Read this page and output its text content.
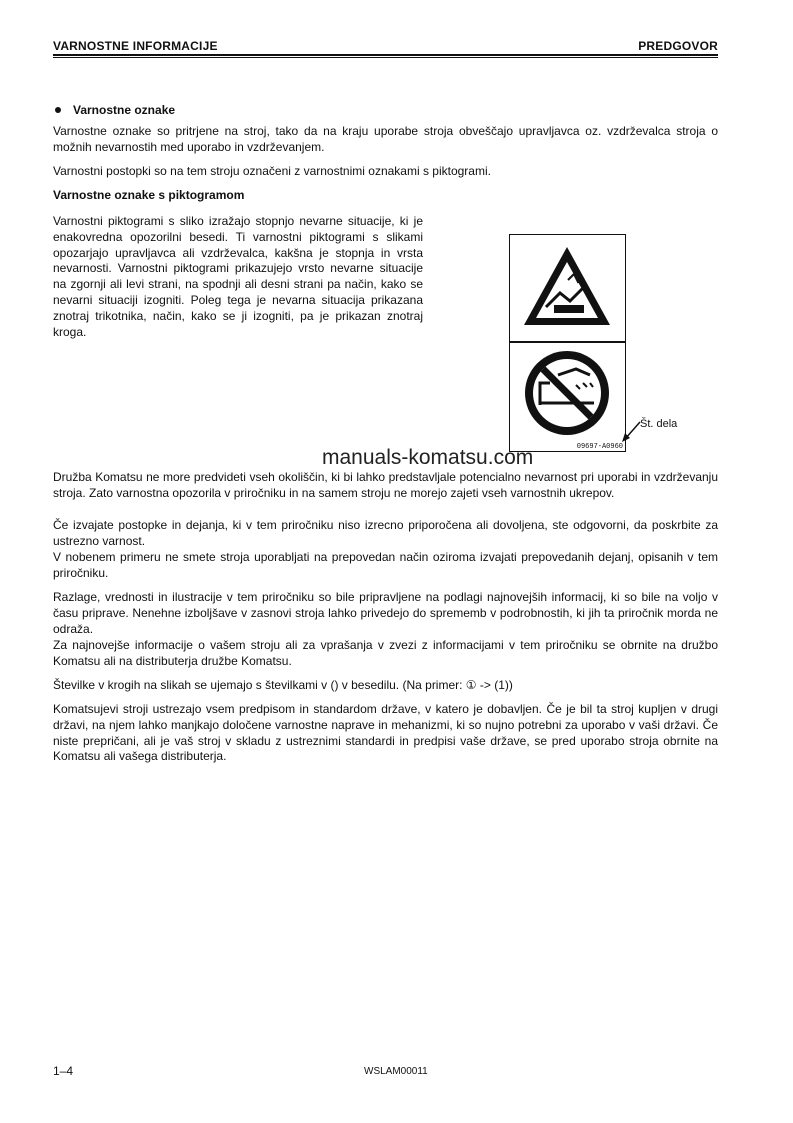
VARNOSTNE INFORMACIJE	PREDGOVOR
Varnostne oznake
Varnostne oznake so pritrjene na stroj, tako da na kraju uporabe stroja obveščajo upravljavca oz. vzdrževalca stroja o možnih nevarnostih med uporabo in vzdrževanjem.
Varnostni postopki so na tem stroju označeni z varnostnimi oznakami s piktogrami.
Varnostne oznake s piktogramom
Varnostni piktogrami s sliko izražajo stopnjo nevarne situacije, ki je enakovredna opozorilni besedi. Ti varnostni piktogrami s slikami opozarjajo upravljavca ali vzdrževalca, kakšna je stopnja in vrsta nevarnosti. Varnostni piktogrami prikazujejo vrsto nevarne situacije na zgornji ali levi strani, na spodnji ali desni strani pa način, kako se nevarni situaciji izogniti. Poleg tega je nevarna situacija prikazana znotraj trikotnika, način, kako se ji izogniti, pa je prikazan znotraj kroga.
09697-A0960
Št. dela
manuals-komatsu.com
Družba Komatsu ne more predvideti vseh okoliščin, ki bi lahko predstavljale potencialno nevarnost pri uporabi in vzdrževanju stroja. Zato varnostna opozorila v priročniku in na samem stroju ne morejo zajeti vseh varnostnih ukrepov.
Če izvajate postopke in dejanja, ki v tem priročniku niso izrecno priporočena ali dovoljena, ste odgovorni, da poskrbite za ustrezno varnost.
V nobenem primeru ne smete stroja uporabljati na prepovedan način oziroma izvajati prepovedanih dejanj, opisanih v tem priročniku.
Razlage, vrednosti in ilustracije v tem priročniku so bile pripravljene na podlagi najnovejših informacij, ki so bile na voljo v času priprave. Nenehne izboljšave v zasnovi stroja lahko privedejo do sprememb v podrobnostih, ki jih ta priročnik morda ne odraža.
Za najnovejše informacije o vašem stroju ali za vprašanja v zvezi z informacijami v tem priročniku se obrnite na družbo Komatsu ali na distributerja družbe Komatsu.
Številke v krogih na slikah se ujemajo s številkami v () v besedilu. (Na primer: ① -> (1))
Komatsujevi stroji ustrezajo vsem predpisom in standardom države, v katero je dobavljen. Če je bil ta stroj kupljen v drugi državi, na njem lahko manjkajo določene varnostne naprave in mehanizmi, ki so nujno potrebni za uporabo v vaši državi. Če niste prepričani, ali je vaš stroj v skladu z ustreznimi standardi in predpisi vaše države, se pred uporabo stroja obrnite na Komatsu ali vašega distributerja.
1–4	WSLAM00011
